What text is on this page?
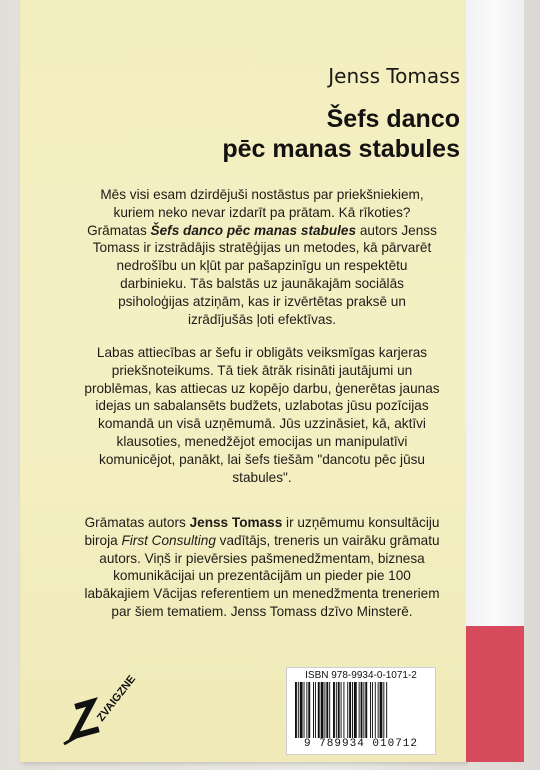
Jenss Tomass
Šefs danco
pēc manas stabules

Mēs visi esam dzirdējuši nostāstus par priekšniekiem, kuriem neko nevar izdarīt pa prātam. Kā rīkoties? Grāmatas Šefs danco pēc manas stabules autors Jenss Tomass ir izstrādājis stratēģijas un metodes, kā pārvarēt nedrošību un kļūt par pašapzinīgu un respektētu darbinieku. Tās balstās uz jaunākajām sociālās psiholoģijas atziņām, kas ir izvērtētas praksē un izrādījušās ļoti efektīvas.

Labas attiecības ar šefu ir obligāts veiksmīgas karjeras priekšnoteikums. Tā tiek ātrāk risināti jautājumi un problēmas, kas attiecas uz kopējo darbu, ģenerētas jaunas idejas un sabalansēts budžets, uzlabotas jūsu pozīcijas komandā un visā uzņēmumā. Jūs uzzināsiet, kā, aktīvi klausoties, menedžējot emocijas un manipulatīvi komunicējot, panākt, lai šefs tiešām "dancotu pēc jūsu stabules".

Grāmatas autors Jenss Tomass ir uzņēmumu konsultāciju biroja First Consulting vadītājs, treneris un vairāku grāmatu autors. Viņš ir pievērsies pašmenedžmentam, biznesa komunikācijai un prezentācijām un pieder pie 100 labākajiem Vācijas referentiem un menedžmenta treneriem par šiem tematiem. Jenss Tomass dzīvo Minsterē.

ZVAIGZNE	ISBN 978-9934-0-1071-2
9 789934 010712
